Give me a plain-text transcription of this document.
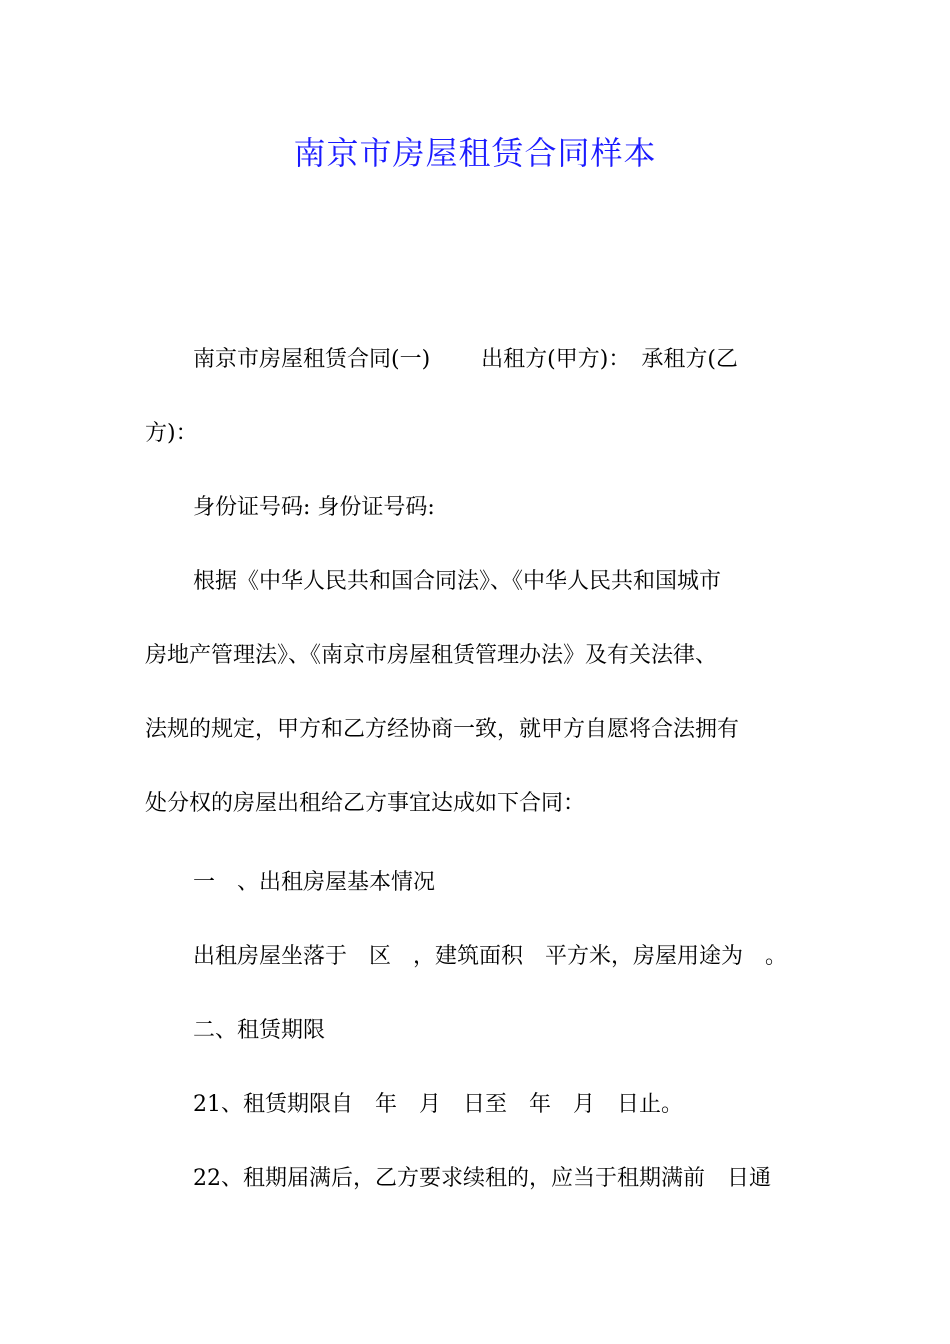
南京市房屋租赁合同样本
南京市房屋租赁合同(一)　　 出租方(甲方)：　承租方(乙
方)：
身份证号码: 身份证号码:
根据《中华人民共和国合同法》、《中华人民共和国城市
房地产管理法》、《南京市房屋租赁管理办法》及有关法律、
法规的规定，甲方和乙方经协商一致，就甲方自愿将合法拥有
处分权的房屋出租给乙方事宜达成如下合同：
一　、出租房屋基本情况
出租房屋坐落于　区　，建筑面积　平方米，房屋用途为　。
二、租赁期限
21、租赁期限自　年　月　日至　年　月　日止。
22、租期届满后，乙方要求续租的，应当于租期满前　日通
